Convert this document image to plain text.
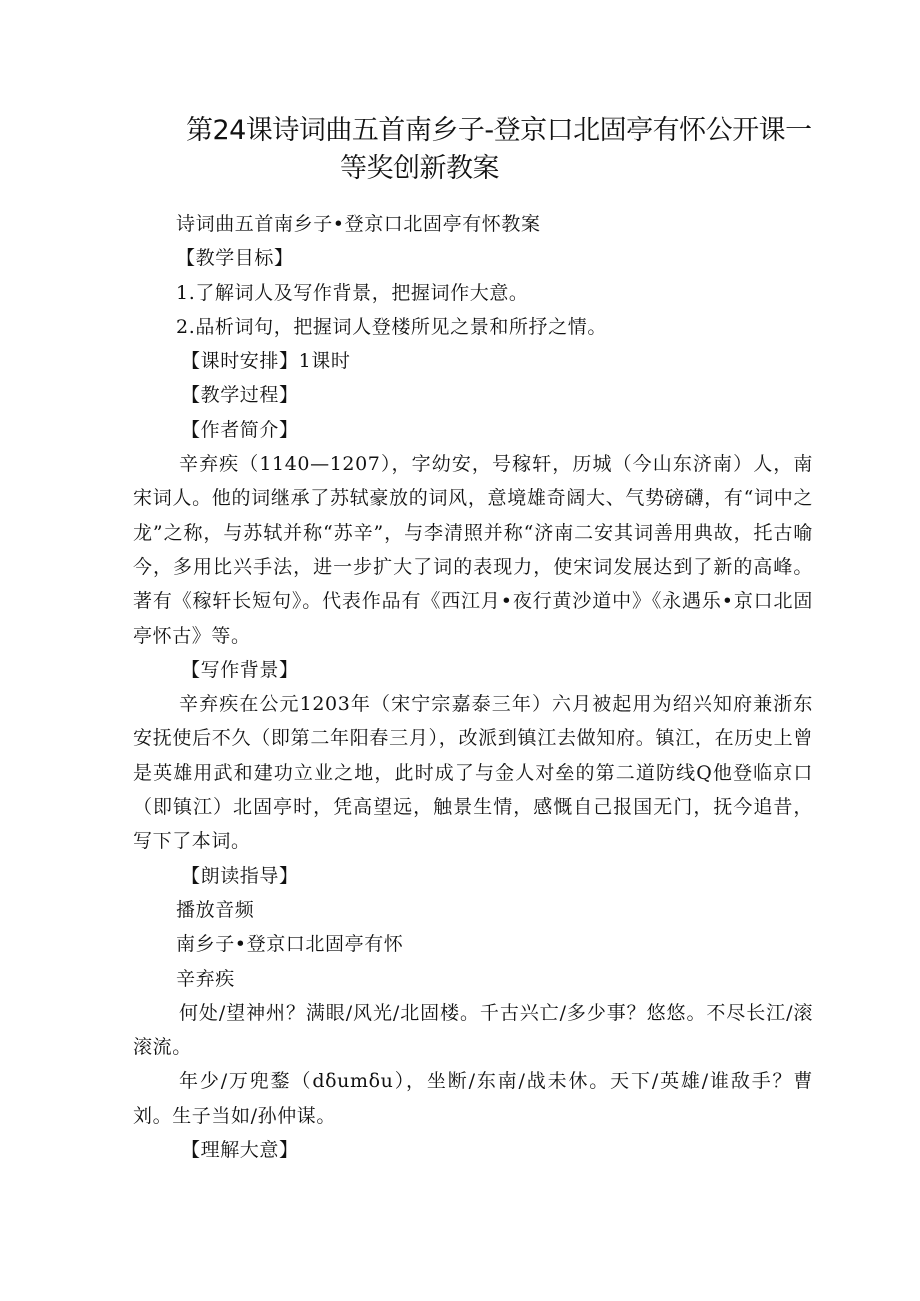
第24课诗词曲五首南乡子-登京口北固亭有怀公开课一
等奖创新教案

诗词曲五首南乡子•登京口北固亭有怀教案

【教学目标】

1.了解词人及写作背景，把握词作大意。

2.品析词句，把握词人登楼所见之景和所抒之情。

【课时安排】1课时

【教学过程】

【作者简介】

辛弃疾（1140—1207），字幼安，号稼轩，历城（今山东济南）人，南宋词人。他的词继承了苏轼豪放的词风，意境雄奇阔大、气势磅礴，有“词中之龙”之称，与苏轼并称“苏辛”，与李清照并称“济南二安其词善用典故，托古喻今，多用比兴手法，进一步扩大了词的表现力，使宋词发展达到了新的高峰。著有《稼轩长短句》。代表作品有《西江月•夜行黄沙道中》《永遇乐•京口北固亭怀古》等。

【写作背景】

辛弃疾在公元1203年（宋宁宗嘉泰三年）六月被起用为绍兴知府兼浙东安抚使后不久（即第二年阳春三月），改派到镇江去做知府。镇江，在历史上曾是英雄用武和建功立业之地，此时成了与金人对垒的第二道防线Q他登临京口（即镇江）北固亭时，凭高望远，触景生情，感慨自己报国无门，抚今追昔，写下了本词。

【朗读指导】

播放音频

南乡子•登京口北固亭有怀

辛弃疾

何处/望神州？满眼/风光/北固楼。千古兴亡/多少事？悠悠。不尽长江/滚滚流。

年少/万兜鍪（dδumδu），坐断/东南/战未休。天下/英雄/谁敌手？曹刘。生子当如/孙仲谋。

【理解大意】
